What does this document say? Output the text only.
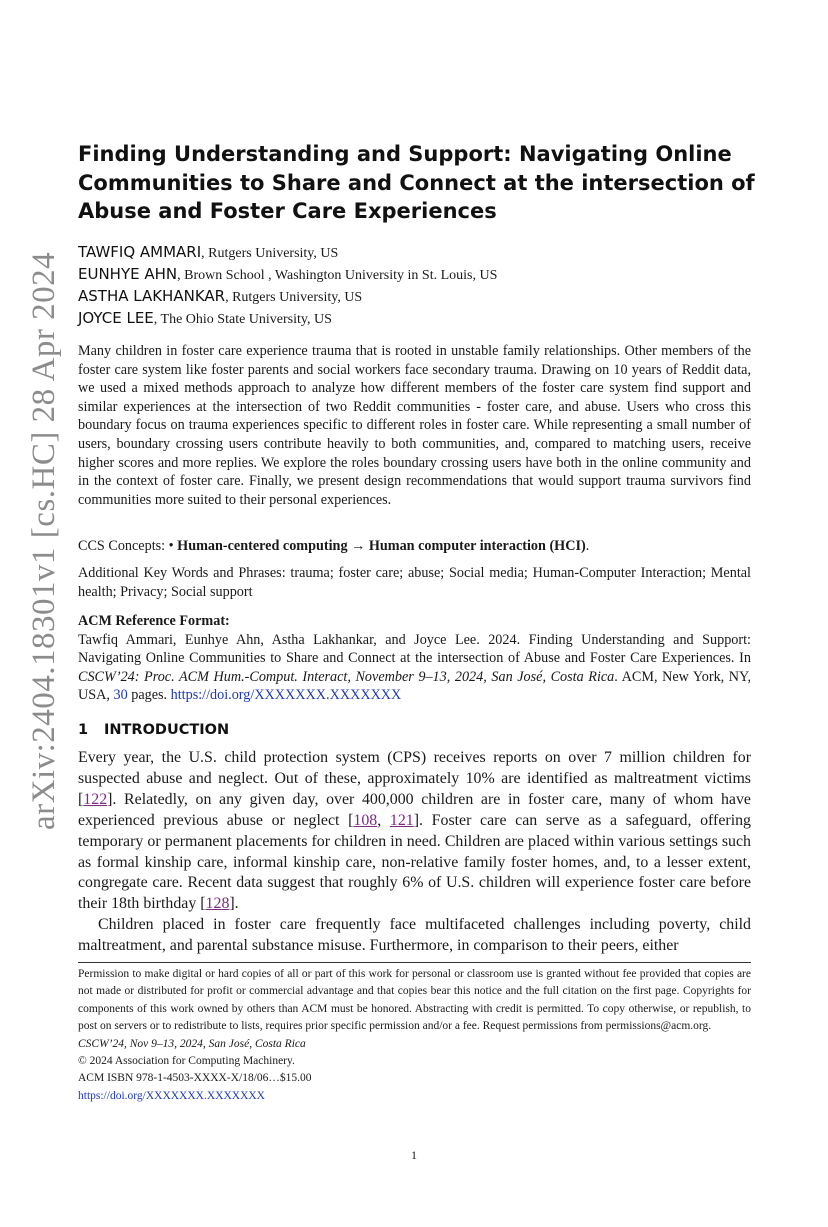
arXiv:2404.18301v1 [cs.HC] 28 Apr 2024
Finding Understanding and Support: Navigating Online
Communities to Share and Connect at the intersection of
Abuse and Foster Care Experiences
TAWFIQ AMMARI, Rutgers University, US
EUNHYE AHN, Brown School , Washington University in St. Louis, US
ASTHA LAKHANKAR, Rutgers University, US
JOYCE LEE, The Ohio State University, US
Many children in foster care experience trauma that is rooted in unstable family relationships. Other members of the foster care system like foster parents and social workers face secondary trauma. Drawing on 10 years of Reddit data, we used a mixed methods approach to analyze how different members of the foster care system find support and similar experiences at the intersection of two Reddit communities - foster care, and abuse. Users who cross this boundary focus on trauma experiences specific to different roles in foster care. While representing a small number of users, boundary crossing users contribute heavily to both communities, and, compared to matching users, receive higher scores and more replies. We explore the roles boundary crossing users have both in the online community and in the context of foster care. Finally, we present design recommendations that would support trauma survivors find communities more suited to their personal experiences.
CCS Concepts: • Human-centered computing → Human computer interaction (HCI).
Additional Key Words and Phrases: trauma; foster care; abuse; Social media; Human-Computer Interaction; Mental health; Privacy; Social support
ACM Reference Format:
Tawfiq Ammari, Eunhye Ahn, Astha Lakhankar, and Joyce Lee. 2024. Finding Understanding and Support: Navigating Online Communities to Share and Connect at the intersection of Abuse and Foster Care Experiences. In CSCW’24: Proc. ACM Hum.-Comput. Interact, November 9–13, 2024, San José, Costa Rica. ACM, New York, NY, USA, 30 pages. https://doi.org/XXXXXXX.XXXXXXX
1 INTRODUCTION

Every year, the U.S. child protection system (CPS) receives reports on over 7 million children for suspected abuse and neglect. Out of these, approximately 10% are identified as maltreatment victims [122]. Relatedly, on any given day, over 400,000 children are in foster care, many of whom have experienced previous abuse or neglect [108, 121]. Foster care can serve as a safeguard, offering temporary or permanent placements for children in need. Children are placed within various settings such as formal kinship care, informal kinship care, non-relative family foster homes, and, to a lesser extent, congregate care. Recent data suggest that roughly 6% of U.S. children will experience foster care before their 18th birthday [128].

Children placed in foster care frequently face multifaceted challenges including poverty, child maltreatment, and parental substance misuse. Furthermore, in comparison to their peers, either

Permission to make digital or hard copies of all or part of this work for personal or classroom use is granted without fee provided that copies are not made or distributed for profit or commercial advantage and that copies bear this notice and the full citation on the first page. Copyrights for components of this work owned by others than ACM must be honored. Abstracting with credit is permitted. To copy otherwise, or republish, to post on servers or to redistribute to lists, requires prior specific permission and/or a fee. Request permissions from permissions@acm.org.
CSCW’24, Nov 9–13, 2024, San José, Costa Rica
© 2024 Association for Computing Machinery.
ACM ISBN 978-1-4503-XXXX-X/18/06…$15.00
https://doi.org/XXXXXXX.XXXXXXX
1
